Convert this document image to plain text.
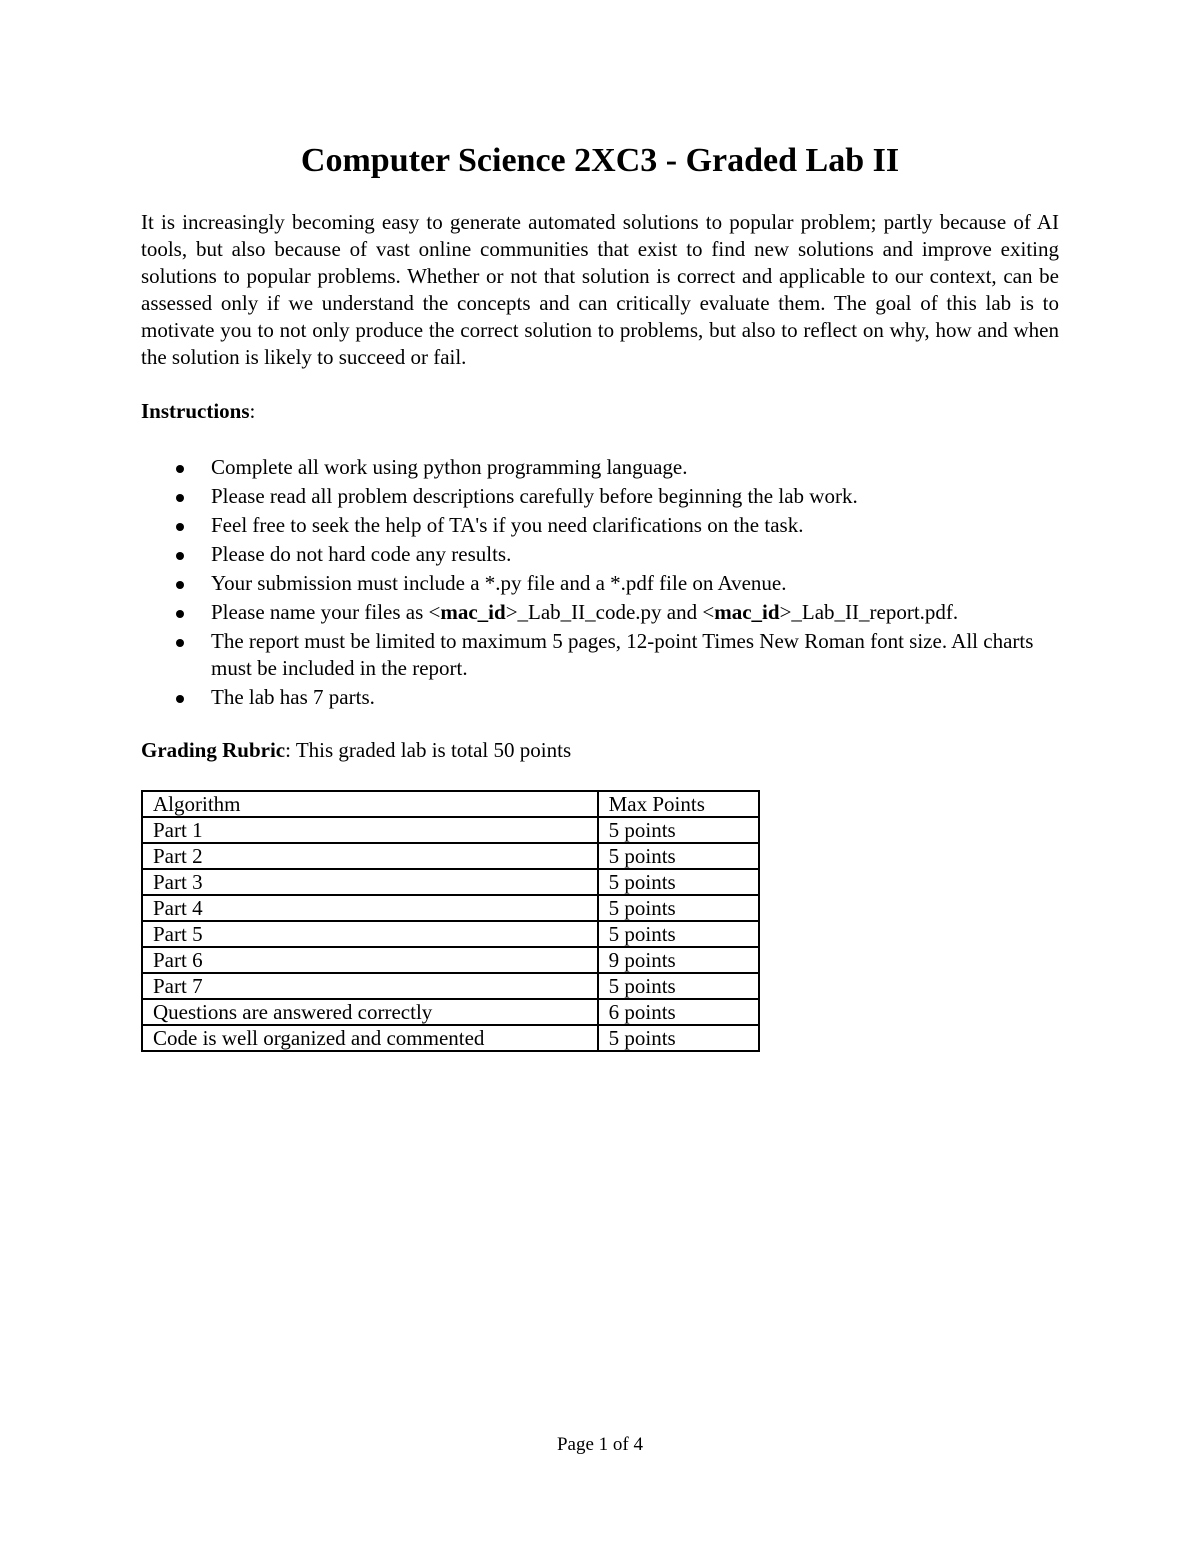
Computer Science 2XC3 - Graded Lab II

It is increasingly becoming easy to generate automated solutions to popular problem; partly because of AI tools, but also because of vast online communities that exist to find new solutions and improve exiting solutions to popular problems. Whether or not that solution is correct and applicable to our context, can be assessed only if we understand the concepts and can critically evaluate them. The goal of this lab is to motivate you to not only produce the correct solution to problems, but also to reflect on why, how and when the solution is likely to succeed or fail.

Instructions:
Complete all work using python programming language.
Please read all problem descriptions carefully before beginning the lab work.
Feel free to seek the help of TA's if you need clarifications on the task.
Please do not hard code any results.
Your submission must include a *.py file and a *.pdf file on Avenue.
Please name your files as <mac_id>_Lab_II_code.py and <mac_id>_Lab_II_report.pdf.
The report must be limited to maximum 5 pages, 12-point Times New Roman font size. All charts must be included in the report.
The lab has 7 parts.
Grading Rubric: This graded lab is total 50 points
Algorithm	Max Points
Part 1	5 points
Part 2	5 points
Part 3	5 points
Part 4	5 points
Part 5	5 points
Part 6	9 points
Part 7	5 points
Questions are answered correctly	6 points
Code is well organized and commented	5 points
Page 1 of 4
